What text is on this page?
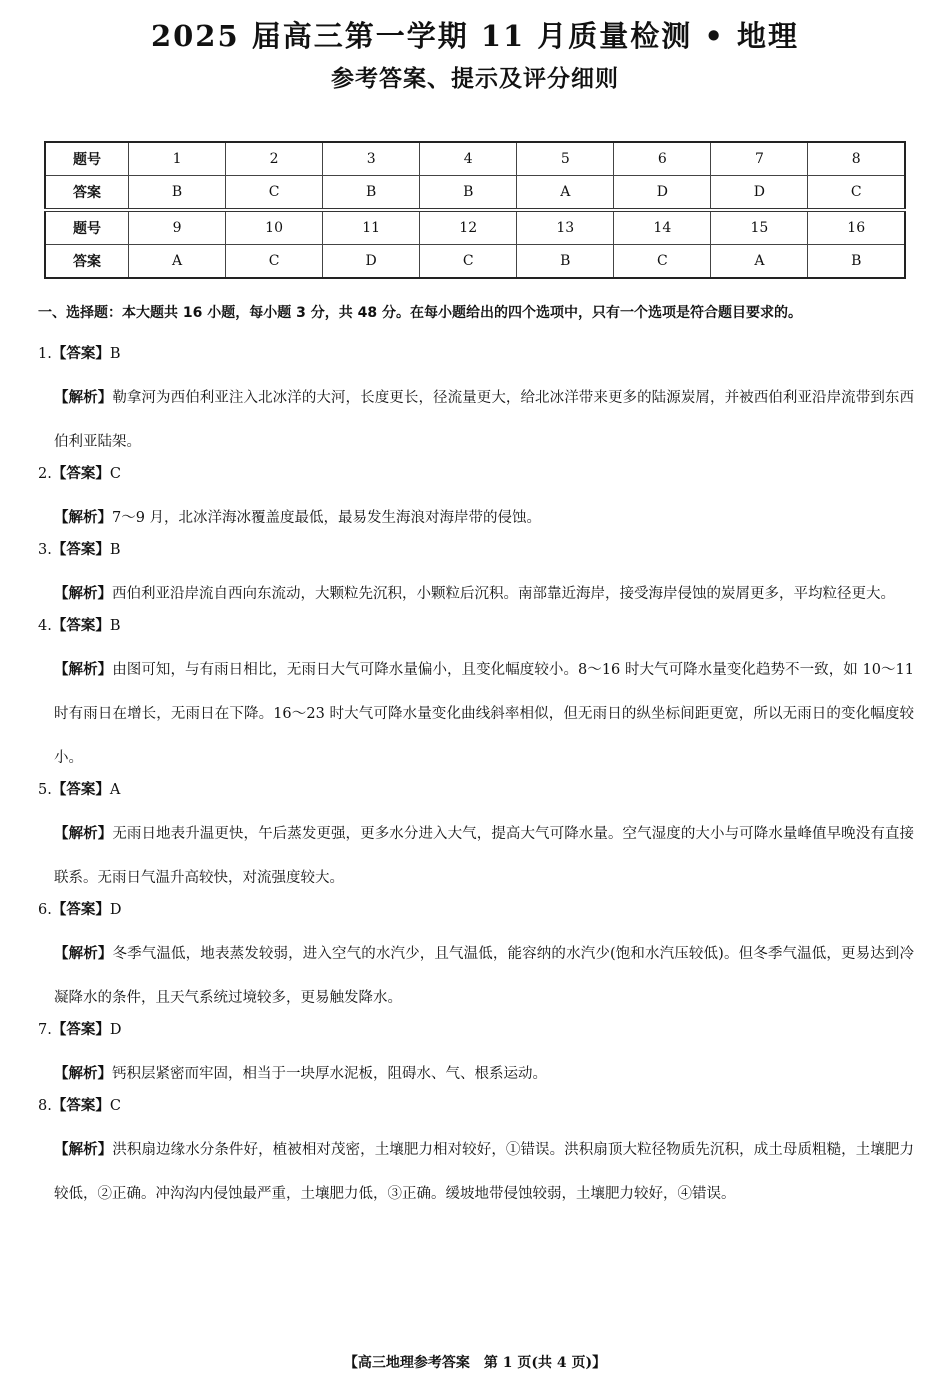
2025 届高三第一学期 11 月质量检测 • 地理
参考答案、提示及评分细则
题号	1	2	3	4	5	6	7	8
答案	B	C	B	B	A	D	D	C
题号	9	10	11	12	13	14	15	16
答案	A	C	D	C	B	C	A	B
一、选择题：本大题共 16 小题，每小题 3 分，共 48 分。在每小题给出的四个选项中，只有一个选项是符合题目要求的。
1.【答案】B
【解析】勒拿河为西伯利亚注入北冰洋的大河，长度更长，径流量更大，给北冰洋带来更多的陆源炭屑，并被西伯利亚沿岸流带到东西伯利亚陆架。
2.【答案】C
【解析】7～9 月，北冰洋海冰覆盖度最低，最易发生海浪对海岸带的侵蚀。
3.【答案】B
【解析】西伯利亚沿岸流自西向东流动，大颗粒先沉积，小颗粒后沉积。南部靠近海岸，接受海岸侵蚀的炭屑更多，平均粒径更大。
4.【答案】B
【解析】由图可知，与有雨日相比，无雨日大气可降水量偏小，且变化幅度较小。8～16 时大气可降水量变化趋势不一致，如 10～11 时有雨日在增长，无雨日在下降。16～23 时大气可降水量变化曲线斜率相似，但无雨日的纵坐标间距更宽，所以无雨日的变化幅度较小。
5.【答案】A
【解析】无雨日地表升温更快，午后蒸发更强，更多水分进入大气，提高大气可降水量。空气湿度的大小与可降水量峰值早晚没有直接联系。无雨日气温升高较快，对流强度较大。
6.【答案】D
【解析】冬季气温低，地表蒸发较弱，进入空气的水汽少，且气温低，能容纳的水汽少(饱和水汽压较低)。但冬季气温低，更易达到冷凝降水的条件，且天气系统过境较多，更易触发降水。
7.【答案】D
【解析】钙积层紧密而牢固，相当于一块厚水泥板，阻碍水、气、根系运动。
8.【答案】C
【解析】洪积扇边缘水分条件好，植被相对茂密，土壤肥力相对较好，①错误。洪积扇顶大粒径物质先沉积，成土母质粗糙，土壤肥力较低，②正确。冲沟沟内侵蚀最严重，土壤肥力低，③正确。缓坡地带侵蚀较弱，土壤肥力较好，④错误。
【高三地理参考答案　第 1 页(共 4 页)】
